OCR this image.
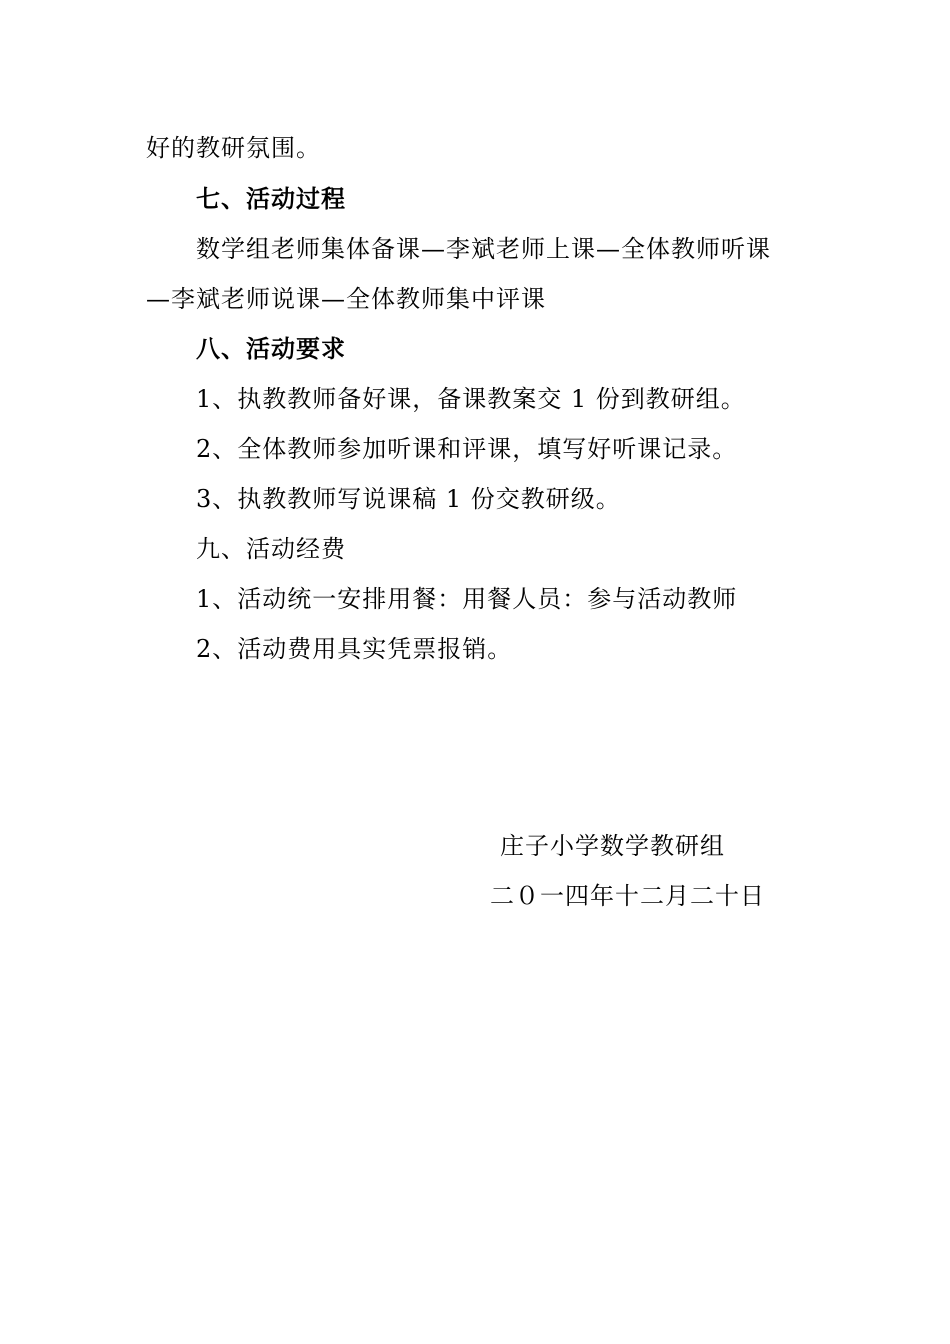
好的教研氛围。
七、活动过程
数学组老师集体备课—李斌老师上课—全体教师听课
—李斌老师说课—全体教师集中评课
八、活动要求
1、执教教师备好课，备课教案交 1 份到教研组。
2、全体教师参加听课和评课，填写好听课记录。
3、执教教师写说课稿 1 份交教研级。
九、活动经费
1、活动统一安排用餐：用餐人员：参与活动教师
2、活动费用具实凭票报销。
庄子小学数学教研组
二０一四年十二月二十日
